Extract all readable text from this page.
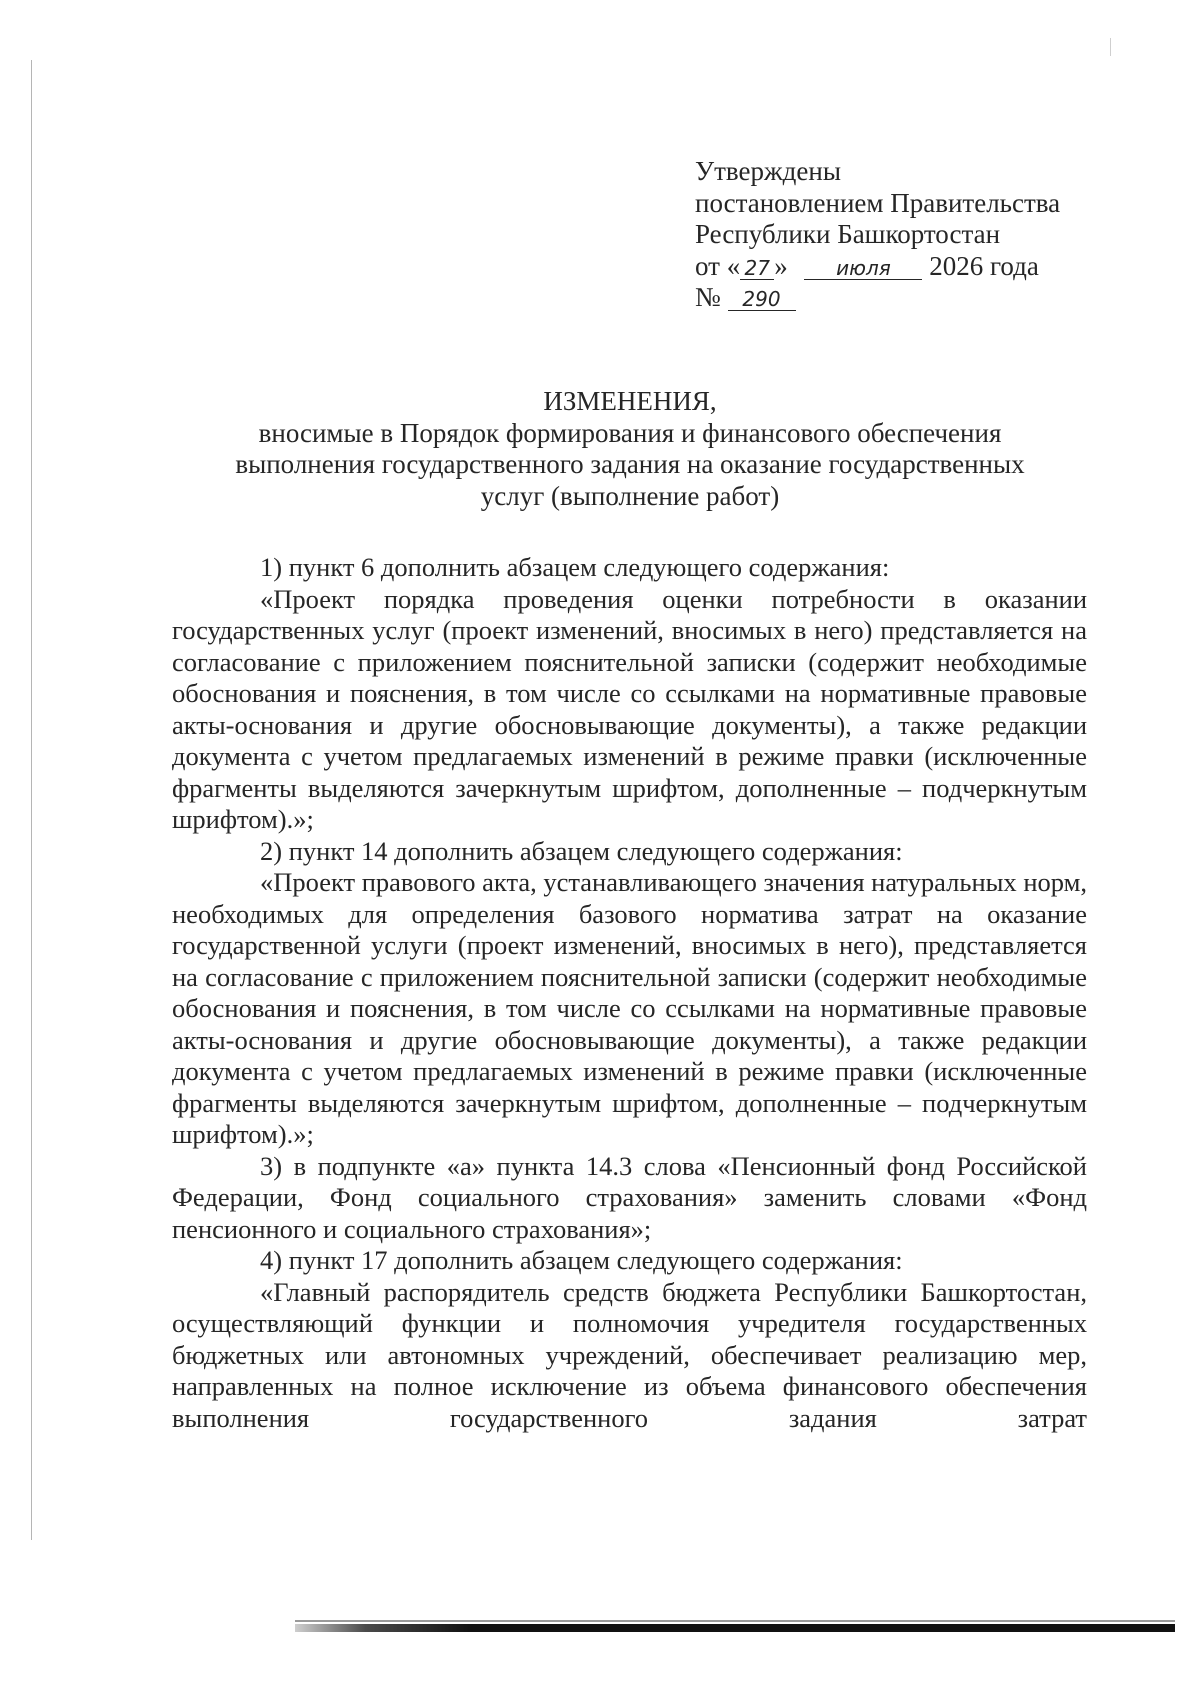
Утверждены
постановлением Правительства
Республики Башкортостан
от « 27 » июля 2026 года
№ 290
ИЗМЕНЕНИЯ,
вносимые в Порядок формирования и финансового обеспечения
выполнения государственного задания на оказание государственных
услуг (выполнение работ)

1) пункт 6 дополнить абзацем следующего содержания:

«Проект порядка проведения оценки потребности в оказании государственных услуг (проект изменений, вносимых в него) представляется на согласование с приложением пояснительной записки (содержит необходимые обоснования и пояснения, в том числе со ссылками на нормативные правовые акты-основания и другие обосновывающие документы), а также редакции документа с учетом предлагаемых изменений в режиме правки (исключенные фрагменты выделяются зачеркнутым шрифтом, дополненные – подчеркнутым шрифтом).»;

2) пункт 14 дополнить абзацем следующего содержания:

«Проект правового акта, устанавливающего значения натуральных норм, необходимых для определения базового норматива затрат на оказание государственной услуги (проект изменений, вносимых в него), представляется на согласование с приложением пояснительной записки (содержит необходимые обоснования и пояснения, в том числе со ссылками на нормативные правовые акты-основания и другие обосновывающие документы), а также редакции документа с учетом предлагаемых изменений в режиме правки (исключенные фрагменты выделяются зачеркнутым шрифтом, дополненные – подчеркнутым шрифтом).»;

3) в подпункте «а» пункта 14.3 слова «Пенсионный фонд Российской Федерации, Фонд социального страхования» заменить словами «Фонд пенсионного и социального страхования»;

4) пункт 17 дополнить абзацем следующего содержания:

«Главный распорядитель средств бюджета Республики Башкортостан, осуществляющий функции и полномочия учредителя государственных бюджетных или автономных учреждений, обеспечивает реализацию мер, направленных на полное исключение из объема финансового обеспечения выполнения государственного задания затрат
